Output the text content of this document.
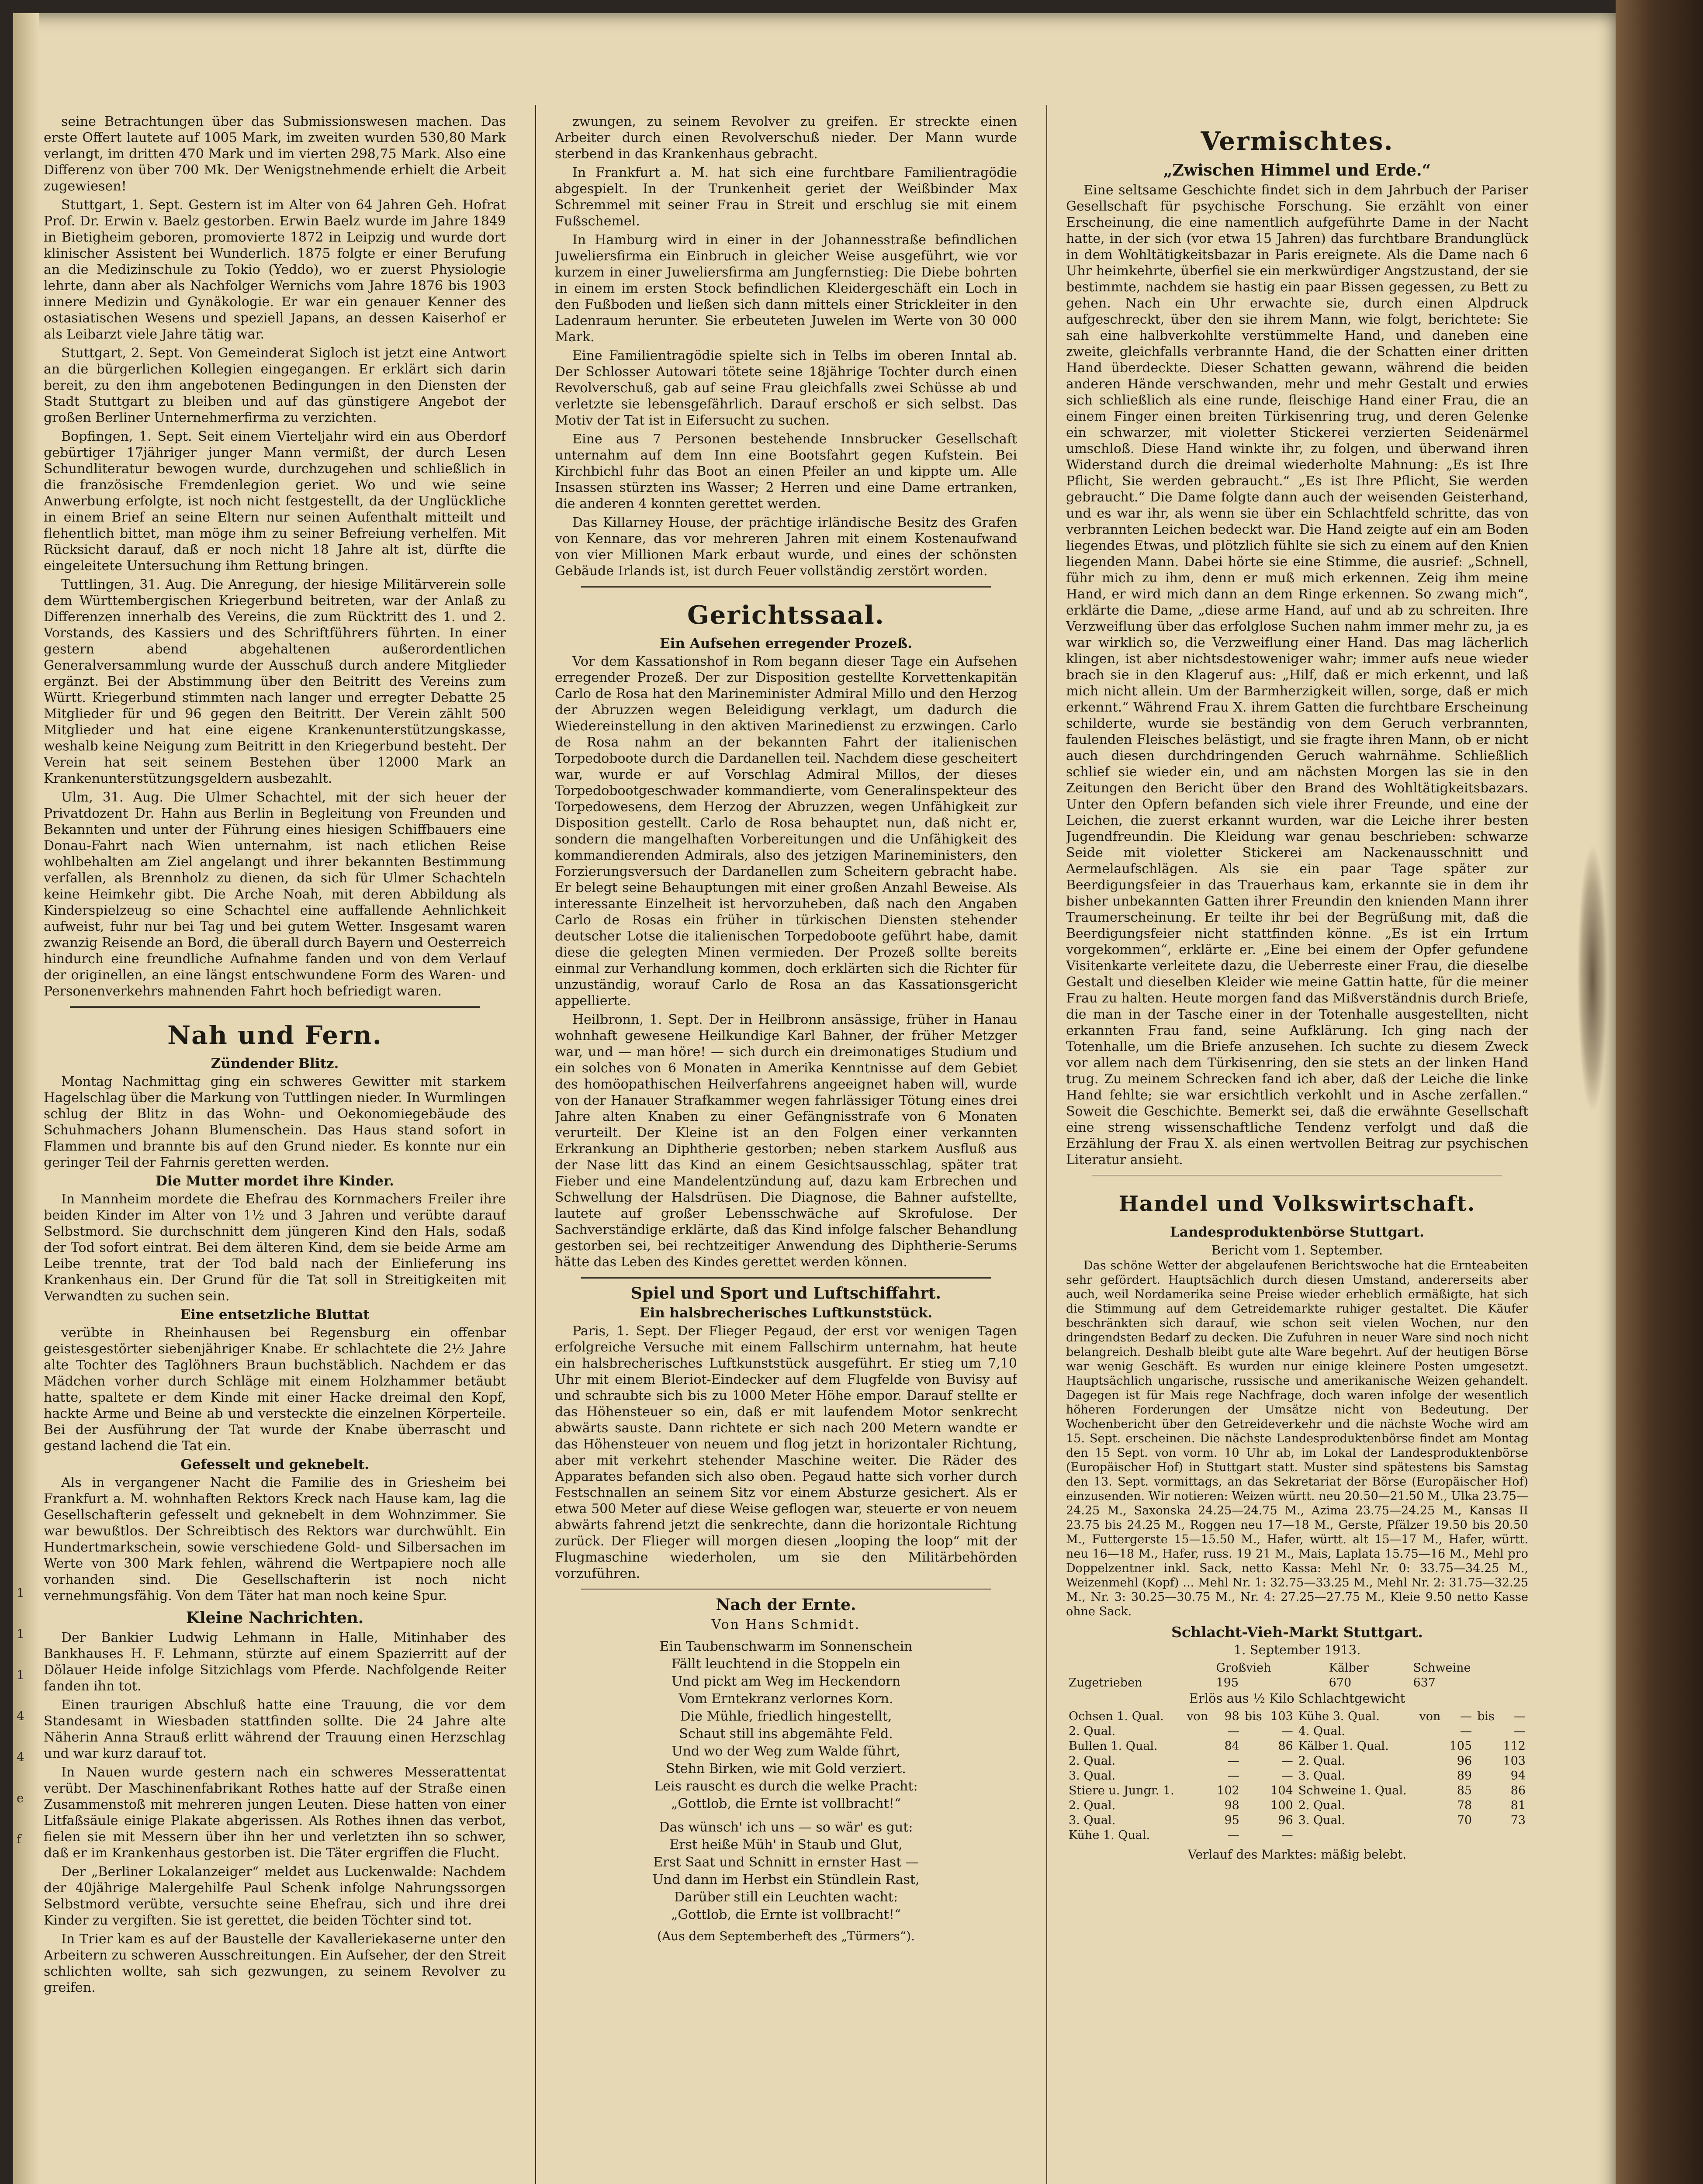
seine Betrachtungen über das Submissionswesen machen. Das erste Offert lautete auf 1005 Mark, im zweiten wurden 530,80 Mark verlangt, im dritten 470 Mark und im vierten 298,75 Mark. Also eine Differenz von über 700 Mk. Der Wenigstnehmende erhielt die Arbeit zugewiesen!

Stuttgart, 1. Sept. Gestern ist im Alter von 64 Jahren Geh. Hofrat Prof. Dr. Erwin v. Baelz gestorben. Erwin Baelz wurde im Jahre 1849 in Bietigheim geboren, promovierte 1872 in Leipzig und wurde dort klinischer Assistent bei Wunderlich. 1875 folgte er einer Berufung an die Medizinschule zu Tokio (Yeddo), wo er zuerst Physiologie lehrte, dann aber als Nachfolger Wernichs vom Jahre 1876 bis 1903 innere Medizin und Gynäkologie. Er war ein genauer Kenner des ostasiatischen Wesens und speziell Japans, an dessen Kaiserhof er als Leibarzt viele Jahre tätig war.

Stuttgart, 2. Sept. Von Gemeinderat Sigloch ist jetzt eine Antwort an die bürgerlichen Kollegien eingegangen. Er erklärt sich darin bereit, zu den ihm angebotenen Bedingungen in den Diensten der Stadt Stuttgart zu bleiben und auf das günstigere Angebot der großen Berliner Unternehmerfirma zu verzichten.

Bopfingen, 1. Sept. Seit einem Vierteljahr wird ein aus Oberdorf gebürtiger 17jähriger junger Mann vermißt, der durch Lesen Schundliteratur bewogen wurde, durchzugehen und schließlich in die französische Fremdenlegion geriet. Wo und wie seine Anwerbung erfolgte, ist noch nicht festgestellt, da der Unglückliche in einem Brief an seine Eltern nur seinen Aufenthalt mitteilt und flehentlich bittet, man möge ihm zu seiner Befreiung verhelfen. Mit Rücksicht darauf, daß er noch nicht 18 Jahre alt ist, dürfte die eingeleitete Untersuchung ihm Rettung bringen.

Tuttlingen, 31. Aug. Die Anregung, der hiesige Militärverein solle dem Württembergischen Kriegerbund beitreten, war der Anlaß zu Differenzen innerhalb des Vereins, die zum Rücktritt des 1. und 2. Vorstands, des Kassiers und des Schriftführers führten. In einer gestern abend abgehaltenen außerordentlichen Generalversammlung wurde der Ausschuß durch andere Mitglieder ergänzt. Bei der Abstimmung über den Beitritt des Vereins zum Württ. Kriegerbund stimmten nach langer und erregter Debatte 25 Mitglieder für und 96 gegen den Beitritt. Der Verein zählt 500 Mitglieder und hat eine eigene Krankenunterstützungskasse, weshalb keine Neigung zum Beitritt in den Kriegerbund besteht. Der Verein hat seit seinem Bestehen über 12000 Mark an Krankenunterstützungsgeldern ausbezahlt.

Ulm, 31. Aug. Die Ulmer Schachtel, mit der sich heuer der Privatdozent Dr. Hahn aus Berlin in Begleitung von Freunden und Bekannten und unter der Führung eines hiesigen Schiffbauers eine Donau-Fahrt nach Wien unternahm, ist nach etlichen Reise wohlbehalten am Ziel angelangt und ihrer bekannten Bestimmung verfallen, als Brennholz zu dienen, da sich für Ulmer Schachteln keine Heimkehr gibt. Die Arche Noah, mit deren Abbildung als Kinderspielzeug so eine Schachtel eine auffallende Aehnlichkeit aufweist, fuhr nur bei Tag und bei gutem Wetter. Insgesamt waren zwanzig Reisende an Bord, die überall durch Bayern und Oesterreich hindurch eine freundliche Aufnahme fanden und von dem Verlauf der originellen, an eine längst entschwundene Form des Waren- und Personenverkehrs mahnenden Fahrt hoch befriedigt waren.

Nah und Fern.
Zündender Blitz.

Montag Nachmittag ging ein schweres Gewitter mit starkem Hagelschlag über die Markung von Tuttlingen nieder. In Wurmlingen schlug der Blitz in das Wohn- und Oekonomiegebäude des Schuhmachers Johann Blumenschein. Das Haus stand sofort in Flammen und brannte bis auf den Grund nieder. Es konnte nur ein geringer Teil der Fahrnis geretten werden.

Die Mutter mordet ihre Kinder.

In Mannheim mordete die Ehefrau des Kornmachers Freiler ihre beiden Kinder im Alter von 1½ und 3 Jahren und verübte darauf Selbstmord. Sie durchschnitt dem jüngeren Kind den Hals, sodaß der Tod sofort eintrat. Bei dem älteren Kind, dem sie beide Arme am Leibe trennte, trat der Tod bald nach der Einlieferung ins Krankenhaus ein. Der Grund für die Tat soll in Streitigkeiten mit Verwandten zu suchen sein.

Eine entsetzliche Bluttat

verübte in Rheinhausen bei Regensburg ein offenbar geistesgestörter siebenjähriger Knabe. Er schlachtete die 2½ Jahre alte Tochter des Taglöhners Braun buchstäblich. Nachdem er das Mädchen vorher durch Schläge mit einem Holzhammer betäubt hatte, spaltete er dem Kinde mit einer Hacke dreimal den Kopf, hackte Arme und Beine ab und versteckte die einzelnen Körperteile. Bei der Ausführung der Tat wurde der Knabe überrascht und gestand lachend die Tat ein.

Gefesselt und geknebelt.

Als in vergangener Nacht die Familie des in Griesheim bei Frankfurt a. M. wohnhaften Rektors Kreck nach Hause kam, lag die Gesellschafterin gefesselt und geknebelt in dem Wohnzimmer. Sie war bewußtlos. Der Schreibtisch des Rektors war durchwühlt. Ein Hundertmarkschein, sowie verschiedene Gold- und Silbersachen im Werte von 300 Mark fehlen, während die Wertpapiere noch alle vorhanden sind. Die Gesellschafterin ist noch nicht vernehmungsfähig. Von dem Täter hat man noch keine Spur.

Kleine Nachrichten.

Der Bankier Ludwig Lehmann in Halle, Mitinhaber des Bankhauses H. F. Lehmann, stürzte auf einem Spazierritt auf der Dölauer Heide infolge Sitzichlags vom Pferde. Nachfolgende Reiter fanden ihn tot.

Einen traurigen Abschluß hatte eine Trauung, die vor dem Standesamt in Wiesbaden stattfinden sollte. Die 24 Jahre alte Näherin Anna Strauß erlitt während der Trauung einen Herzschlag und war kurz darauf tot.

In Nauen wurde gestern nach ein schweres Messerattentat verübt. Der Maschinenfabrikant Rothes hatte auf der Straße einen Zusammenstoß mit mehreren jungen Leuten. Diese hatten von einer Litfaßsäule einige Plakate abgerissen. Als Rothes ihnen das verbot, fielen sie mit Messern über ihn her und verletzten ihn so schwer, daß er im Krankenhaus gestorben ist. Die Täter ergriffen die Flucht.

Der „Berliner Lokalanzeiger“ meldet aus Luckenwalde: Nachdem der 40jährige Malergehilfe Paul Schenk infolge Nahrungssorgen Selbstmord verübte, versuchte seine Ehefrau, sich und ihre drei Kinder zu vergiften. Sie ist gerettet, die beiden Töchter sind tot.

In Trier kam es auf der Baustelle der Kavalleriekaserne unter den Arbeitern zu schweren Ausschreitungen. Ein Aufseher, der den Streit schlichten wollte, sah sich gezwungen, zu seinem Revolver zu greifen.

zwungen, zu seinem Revolver zu greifen. Er streckte einen Arbeiter durch einen Revolverschuß nieder. Der Mann wurde sterbend in das Krankenhaus gebracht.

In Frankfurt a. M. hat sich eine furchtbare Familientragödie abgespielt. In der Trunkenheit geriet der Weißbinder Max Schremmel mit seiner Frau in Streit und erschlug sie mit einem Fußschemel.

In Hamburg wird in einer in der Johannesstraße befindlichen Juweliersfirma ein Einbruch in gleicher Weise ausgeführt, wie vor kurzem in einer Juweliersfirma am Jungfernstieg: Die Diebe bohrten in einem im ersten Stock befindlichen Kleidergeschäft ein Loch in den Fußboden und ließen sich dann mittels einer Strickleiter in den Ladenraum herunter. Sie erbeuteten Juwelen im Werte von 30 000 Mark.

Eine Familientragödie spielte sich in Telbs im oberen Inntal ab. Der Schlosser Autowari tötete seine 18jährige Tochter durch einen Revolverschuß, gab auf seine Frau gleichfalls zwei Schüsse ab und verletzte sie lebensgefährlich. Darauf erschoß er sich selbst. Das Motiv der Tat ist in Eifersucht zu suchen.

Eine aus 7 Personen bestehende Innsbrucker Gesellschaft unternahm auf dem Inn eine Bootsfahrt gegen Kufstein. Bei Kirchbichl fuhr das Boot an einen Pfeiler an und kippte um. Alle Insassen stürzten ins Wasser; 2 Herren und eine Dame ertranken, die anderen 4 konnten gerettet werden.

Das Killarney House, der prächtige irländische Besitz des Grafen von Kennare, das vor mehreren Jahren mit einem Kostenaufwand von vier Millionen Mark erbaut wurde, und eines der schönsten Gebäude Irlands ist, ist durch Feuer vollständig zerstört worden.

Gerichtssaal.
Ein Aufsehen erregender Prozeß.

Vor dem Kassationshof in Rom begann dieser Tage ein Aufsehen erregender Prozeß. Der zur Disposition gestellte Korvettenkapitän Carlo de Rosa hat den Marineminister Admiral Millo und den Herzog der Abruzzen wegen Beleidigung verklagt, um dadurch die Wiedereinstellung in den aktiven Marinedienst zu erzwingen. Carlo de Rosa nahm an der bekannten Fahrt der italienischen Torpedoboote durch die Dardanellen teil. Nachdem diese gescheitert war, wurde er auf Vorschlag Admiral Millos, der dieses Torpedobootgeschwader kommandierte, vom Generalinspekteur des Torpedowesens, dem Herzog der Abruzzen, wegen Unfähigkeit zur Disposition gestellt. Carlo de Rosa behauptet nun, daß nicht er, sondern die mangelhaften Vorbereitungen und die Unfähigkeit des kommandierenden Admirals, also des jetzigen Marineministers, den Forzierungsversuch der Dardanellen zum Scheitern gebracht habe. Er belegt seine Behauptungen mit einer großen Anzahl Beweise. Als interessante Einzelheit ist hervorzuheben, daß nach den Angaben Carlo de Rosas ein früher in türkischen Diensten stehender deutscher Lotse die italienischen Torpedoboote geführt habe, damit diese die gelegten Minen vermieden. Der Prozeß sollte bereits einmal zur Verhandlung kommen, doch erklärten sich die Richter für unzuständig, worauf Carlo de Rosa an das Kassationsgericht appellierte.

Heilbronn, 1. Sept. Der in Heilbronn ansässige, früher in Hanau wohnhaft gewesene Heilkundige Karl Bahner, der früher Metzger war, und — man höre! — sich durch ein dreimonatiges Studium und ein solches von 6 Monaten in Amerika Kenntnisse auf dem Gebiet des homöopathischen Heilverfahrens angeeignet haben will, wurde von der Hanauer Strafkammer wegen fahrlässiger Tötung eines drei Jahre alten Knaben zu einer Gefängnisstrafe von 6 Monaten verurteilt. Der Kleine ist an den Folgen einer verkannten Erkrankung an Diphtherie gestorben; neben starkem Ausfluß aus der Nase litt das Kind an einem Gesichtsausschlag, später trat Fieber und eine Mandelentzündung auf, dazu kam Erbrechen und Schwellung der Halsdrüsen. Die Diagnose, die Bahner aufstellte, lautete auf großer Lebensschwäche auf Skrofulose. Der Sachverständige erklärte, daß das Kind infolge falscher Behandlung gestorben sei, bei rechtzeitiger Anwendung des Diphtherie-Serums hätte das Leben des Kindes gerettet werden können.

Spiel und Sport und Luftschiffahrt.
Ein halsbrecherisches Luftkunststück.

Paris, 1. Sept. Der Flieger Pegaud, der erst vor wenigen Tagen erfolgreiche Versuche mit einem Fallschirm unternahm, hat heute ein halsbrecherisches Luftkunststück ausgeführt. Er stieg um 7,10 Uhr mit einem Bleriot-Eindecker auf dem Flugfelde von Buvisy auf und schraubte sich bis zu 1000 Meter Höhe empor. Darauf stellte er das Höhensteuer so ein, daß er mit laufendem Motor senkrecht abwärts sauste. Dann richtete er sich nach 200 Metern wandte er das Höhensteuer von neuem und flog jetzt in horizontaler Richtung, aber mit verkehrt stehender Maschine weiter. Die Räder des Apparates befanden sich also oben. Pegaud hatte sich vorher durch Festschnallen an seinem Sitz vor einem Absturze gesichert. Als er etwa 500 Meter auf diese Weise geflogen war, steuerte er von neuem abwärts fahrend jetzt die senkrechte, dann die horizontale Richtung zurück. Der Flieger will morgen diesen „looping the loop“ mit der Flugmaschine wiederholen, um sie den Militärbehörden vorzuführen.

Nach der Ernte.
Von Hans Schmidt.
Ein Taubenschwarm im Sonnenschein
Fällt leuchtend in die Stoppeln ein
Und pickt am Weg im Heckendorn
Vom Erntekranz verlornes Korn.
Die Mühle, friedlich hingestellt,
Schaut still ins abgemähte Feld.
Und wo der Weg zum Walde führt,
Stehn Birken, wie mit Gold verziert.
Leis rauscht es durch die welke Pracht:
„Gottlob, die Ernte ist vollbracht!“
Das wünsch' ich uns — so wär' es gut:
Erst heiße Müh' in Staub und Glut,
Erst Saat und Schnitt in ernster Hast —
Und dann im Herbst ein Stündlein Rast,
Darüber still ein Leuchten wacht:
„Gottlob, die Ernte ist vollbracht!“
(Aus dem Septemberheft des „Türmers“).
Vermischtes.
„Zwischen Himmel und Erde.“

Eine seltsame Geschichte findet sich in dem Jahrbuch der Pariser Gesellschaft für psychische Forschung. Sie erzählt von einer Erscheinung, die eine namentlich aufgeführte Dame in der Nacht hatte, in der sich (vor etwa 15 Jahren) das furchtbare Brandunglück in dem Wohltätigkeitsbazar in Paris ereignete. Als die Dame nach 6 Uhr heimkehrte, überfiel sie ein merkwürdiger Angstzustand, der sie bestimmte, nachdem sie hastig ein paar Bissen gegessen, zu Bett zu gehen. Nach ein Uhr erwachte sie, durch einen Alpdruck aufgeschreckt, über den sie ihrem Mann, wie folgt, berichtete: Sie sah eine halbverkohlte verstümmelte Hand, und daneben eine zweite, gleichfalls verbrannte Hand, die der Schatten einer dritten Hand überdeckte. Dieser Schatten gewann, während die beiden anderen Hände verschwanden, mehr und mehr Gestalt und erwies sich schließlich als eine runde, fleischige Hand einer Frau, die an einem Finger einen breiten Türkisenring trug, und deren Gelenke ein schwarzer, mit violetter Stickerei verzierten Seidenärmel umschloß. Diese Hand winkte ihr, zu folgen, und überwand ihren Widerstand durch die dreimal wiederholte Mahnung: „Es ist Ihre Pflicht, Sie werden gebraucht.“ „Es ist Ihre Pflicht, Sie werden gebraucht.“ Die Dame folgte dann auch der weisenden Geisterhand, und es war ihr, als wenn sie über ein Schlachtfeld schritte, das von verbrannten Leichen bedeckt war. Die Hand zeigte auf ein am Boden liegendes Etwas, und plötzlich fühlte sie sich zu einem auf den Knien liegenden Mann. Dabei hörte sie eine Stimme, die ausrief: „Schnell, führ mich zu ihm, denn er muß mich erkennen. Zeig ihm meine Hand, er wird mich dann an dem Ringe erkennen. So zwang mich“, erklärte die Dame, „diese arme Hand, auf und ab zu schreiten. Ihre Verzweiflung über das erfolglose Suchen nahm immer mehr zu, ja es war wirklich so, die Verzweiflung einer Hand. Das mag lächerlich klingen, ist aber nichtsdestoweniger wahr; immer aufs neue wieder brach sie in den Klageruf aus: „Hilf, daß er mich erkennt, und laß mich nicht allein. Um der Barmherzigkeit willen, sorge, daß er mich erkennt.“ Während Frau X. ihrem Gatten die furchtbare Erscheinung schilderte, wurde sie beständig von dem Geruch verbrannten, faulenden Fleisches belästigt, und sie fragte ihren Mann, ob er nicht auch diesen durchdringenden Geruch wahrnähme. Schließlich schlief sie wieder ein, und am nächsten Morgen las sie in den Zeitungen den Bericht über den Brand des Wohltätigkeitsbazars. Unter den Opfern befanden sich viele ihrer Freunde, und eine der Leichen, die zuerst erkannt wurden, war die Leiche ihrer besten Jugendfreundin. Die Kleidung war genau beschrieben: schwarze Seide mit violetter Stickerei am Nackenausschnitt und Aermelaufschlägen. Als sie ein paar Tage später zur Beerdigungsfeier in das Trauerhaus kam, erkannte sie in dem ihr bisher unbekannten Gatten ihrer Freundin den knienden Mann ihrer Traumerscheinung. Er teilte ihr bei der Begrüßung mit, daß die Beerdigungsfeier nicht stattfinden könne. „Es ist ein Irrtum vorgekommen“, erklärte er. „Eine bei einem der Opfer gefundene Visitenkarte verleitete dazu, die Ueberreste einer Frau, die dieselbe Gestalt und dieselben Kleider wie meine Gattin hatte, für die meiner Frau zu halten. Heute morgen fand das Mißverständnis durch Briefe, die man in der Tasche einer in der Totenhalle ausgestellten, nicht erkannten Frau fand, seine Aufklärung. Ich ging nach der Totenhalle, um die Briefe anzusehen. Ich suchte zu diesem Zweck vor allem nach dem Türkisenring, den sie stets an der linken Hand trug. Zu meinem Schrecken fand ich aber, daß der Leiche die linke Hand fehlte; sie war ersichtlich verkohlt und in Asche zerfallen.“ Soweit die Geschichte. Bemerkt sei, daß die erwähnte Gesellschaft eine streng wissenschaftliche Tendenz verfolgt und daß die Erzählung der Frau X. als einen wertvollen Beitrag zur psychischen Literatur ansieht.

Handel und Volkswirtschaft.
Landesproduktenbörse Stuttgart.
Bericht vom 1. September.

Das schöne Wetter der abgelaufenen Berichtswoche hat die Ernteabeiten sehr gefördert. Hauptsächlich durch diesen Umstand, andererseits aber auch, weil Nordamerika seine Preise wieder erheblich ermäßigte, hat sich die Stimmung auf dem Getreidemarkte ruhiger gestaltet. Die Käufer beschränkten sich darauf, wie schon seit vielen Wochen, nur den dringendsten Bedarf zu decken. Die Zufuhren in neuer Ware sind noch nicht belangreich. Deshalb bleibt gute alte Ware begehrt. Auf der heutigen Börse war wenig Geschäft. Es wurden nur einige kleinere Posten umgesetzt. Hauptsächlich ungarische, russische und amerikanische Weizen gehandelt. Dagegen ist für Mais rege Nachfrage, doch waren infolge der wesentlich höheren Forderungen der Umsätze nicht von Bedeutung. Der Wochenbericht über den Getreideverkehr und die nächste Woche wird am 15. Sept. erscheinen. Die nächste Landesproduktenbörse findet am Montag den 15 Sept. von vorm. 10 Uhr ab, im Lokal der Landesproduktenbörse (Europäischer Hof) in Stuttgart statt. Muster sind spätestens bis Samstag den 13. Sept. vormittags, an das Sekretariat der Börse (Europäischer Hof) einzusenden. Wir notieren: Weizen württ. neu 20.50—21.50 M., Ulka 23.75—24.25 M., Saxonska 24.25—24.75 M., Azima 23.75—24.25 M., Kansas II 23.75 bis 24.25 M., Roggen neu 17—18 M., Gerste, Pfälzer 19.50 bis 20.50 M., Futtergerste 15—15.50 M., Hafer, württ. alt 15—17 M., Hafer, württ. neu 16—18 M., Hafer, russ. 19 21 M., Mais, Laplata 15.75—16 M., Mehl pro Doppelzentner inkl. Sack, netto Kassa: Mehl Nr. 0: 33.75—34.25 M., Weizenmehl (Kopf) ... Mehl Nr. 1: 32.75—33.25 M., Mehl Nr. 2: 31.75—32.25 M., Nr. 3: 30.25—30.75 M., Nr. 4: 27.25—27.75 M., Kleie 9.50 netto Kasse ohne Sack.

Schlacht-Vieh-Markt Stuttgart.
1. September 1913.
	Großvieh	Kälber	Schweine
Zugetrieben	195	670	637
Erlös aus ½ Kilo Schlachtgewicht
Ochsen 1. Qual.	von	98	bis	103	Kühe 3. Qual.	von	—	bis	—
2. Qual.		—		—	4. Qual.		—		—
Bullen 1. Qual.		84		86	Kälber 1. Qual.		105		112
2. Qual.		—		—	2. Qual.		96		103
3. Qual.		—		—	3. Qual.		89		94
Stiere u. Jungr. 1.		102		104	Schweine 1. Qual.		85		86
2. Qual.		98		100	2. Qual.		78		81
3. Qual.		95		96	3. Qual.		70		73
Kühe 1. Qual.		—		—					
Verlauf des Marktes: mäßig belebt.
1
1
1
4
4
e
f
